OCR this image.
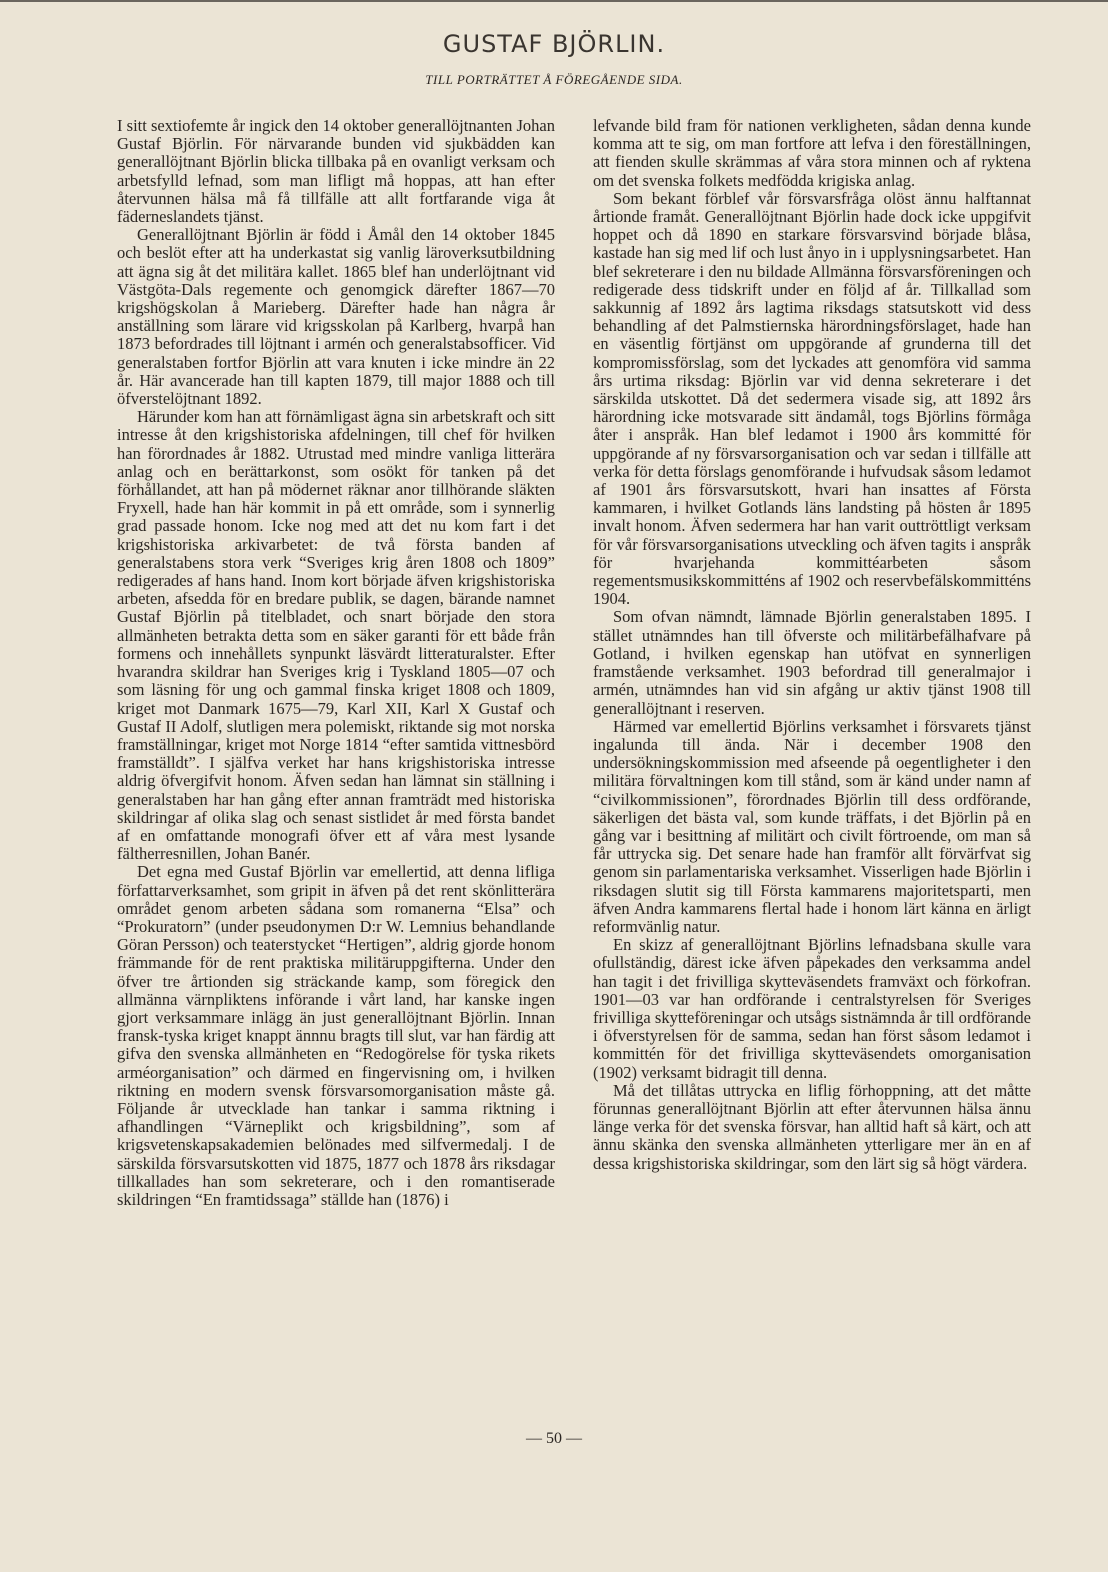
GUSTAF BJÖRLIN.
TILL PORTRÄTTET Å FÖREGÅENDE SIDA.

I sitt sextiofemte år ingick den 14 oktober generallöjtnanten Johan Gustaf Björlin. För närvarande bunden vid sjukbädden kan generallöjtnant Björlin blicka tillbaka på en ovanligt verksam och arbetsfylld lefnad, som man lifligt må hoppas, att han efter återvunnen hälsa må få tillfälle att allt fortfarande viga åt fäderneslandets tjänst.

Generallöjtnant Björlin är född i Åmål den 14 oktober 1845 och beslöt efter att ha underkastat sig vanlig läroverksutbildning att ägna sig åt det militära kallet. 1865 blef han underlöjtnant vid Västgöta-Dals regemente och genomgick därefter 1867—70 krigshögskolan å Marieberg. Därefter hade han några år anställning som lärare vid krigsskolan på Karlberg, hvarpå han 1873 befordrades till löjtnant i armén och generalstabsofficer. Vid generalstaben fortfor Björlin att vara knuten i icke mindre än 22 år. Här avancerade han till kapten 1879, till major 1888 och till öfverstelöjtnant 1892.

Härunder kom han att förnämligast ägna sin arbetskraft och sitt intresse åt den krigshistoriska afdelningen, till chef för hvilken han förordnades år 1882. Utrustad med mindre vanliga litterära anlag och en berättarkonst, som osökt för tanken på det förhållandet, att han på mödernet räknar anor tillhörande släkten Fryxell, hade han här kommit in på ett område, som i synnerlig grad passade honom. Icke nog med att det nu kom fart i det krigshistoriska arkivarbetet: de två första banden af generalstabens stora verk “Sveriges krig åren 1808 och 1809” redigerades af hans hand. Inom kort började äfven krigshistoriska arbeten, afsedda för en bredare publik, se dagen, bärande namnet Gustaf Björlin på titelbladet, och snart började den stora allmänheten betrakta detta som en säker garanti för ett både från formens och innehållets synpunkt läsvärdt litteraturalster. Efter hvarandra skildrar han Sveriges krig i Tyskland 1805—07 och som läsning för ung och gammal finska kriget 1808 och 1809, kriget mot Danmark 1675—79, Karl XII, Karl X Gustaf och Gustaf II Adolf, slutligen mera polemiskt, riktande sig mot norska framställningar, kriget mot Norge 1814 “efter samtida vittnesbörd framställdt”. I själfva verket har hans krigshistoriska intresse aldrig öfvergifvit honom. Äfven sedan han lämnat sin ställning i generalstaben har han gång efter annan framträdt med historiska skildringar af olika slag och senast sistlidet år med första bandet af en omfattande monografi öfver ett af våra mest lysande fältherresnillen, Johan Banér.

Det egna med Gustaf Björlin var emellertid, att denna lifliga författarverksamhet, som gripit in äfven på det rent skönlitterära området genom arbeten sådana som romanerna “Elsa” och “Prokuratorn” (under pseudonymen D:r W. Lemnius behandlande Göran Persson) och teaterstycket “Hertigen”, aldrig gjorde honom främmande för de rent praktiska militäruppgifterna. Under den öfver tre årtionden sig sträckande kamp, som föregick den allmänna värnpliktens införande i vårt land, har kanske ingen gjort verksammare inlägg än just generallöjtnant Björlin. Innan fransk-tyska kriget knappt ännnu bragts till slut, var han färdig att gifva den svenska allmänheten en “Redogörelse för tyska rikets arméorganisation” och därmed en fingervisning om, i hvilken riktning en modern svensk försvarsomorganisation måste gå. Följande år utvecklade han tankar i samma riktning i afhandlingen “Värneplikt och krigsbildning”, som af krigsvetenskapsakademien belönades med silfvermedalj. I de särskilda försvarsutskotten vid 1875, 1877 och 1878 års riksdagar tillkallades han som sekreterare, och i den romantiserade skildringen “En framtidssaga” ställde han (1876) i

lefvande bild fram för nationen verkligheten, sådan denna kunde komma att te sig, om man fortfore att lefva i den föreställningen, att fienden skulle skrämmas af våra stora minnen och af ryktena om det svenska folkets medfödda krigiska anlag.

Som bekant förblef vår försvarsfråga olöst ännu halftannat årtionde framåt. Generallöjtnant Björlin hade dock icke uppgifvit hoppet och då 1890 en starkare försvarsvind började blåsa, kastade han sig med lif och lust ånyo in i upplysningsarbetet. Han blef sekreterare i den nu bildade Allmänna försvarsföreningen och redigerade dess tidskrift under en följd af år. Tillkallad som sakkunnig af 1892 års lagtima riksdags statsutskott vid dess behandling af det Palmstiernska härordningsförslaget, hade han en väsentlig förtjänst om uppgörande af grunderna till det kompromissförslag, som det lyckades att genomföra vid samma års urtima riksdag: Björlin var vid denna sekreterare i det särskilda utskottet. Då det sedermera visade sig, att 1892 års härordning icke motsvarade sitt ändamål, togs Björlins förmåga åter i anspråk. Han blef ledamot i 1900 års kommitté för uppgörande af ny försvarsorganisation och var sedan i tillfälle att verka för detta förslags genomförande i hufvudsak såsom ledamot af 1901 års försvarsutskott, hvari han insattes af Första kammaren, i hvilket Gotlands läns landsting på hösten år 1895 invalt honom. Äfven sedermera har han varit outtröttligt verksam för vår försvarsorganisations utveckling och äfven tagits i anspråk för hvarjehanda kommittéarbeten såsom regementsmusikskommitténs af 1902 och reservbefälskommitténs 1904.

Som ofvan nämndt, lämnade Björlin generalstaben 1895. I stället utnämndes han till öfverste och militärbefälhafvare på Gotland, i hvilken egenskap han utöfvat en synnerligen framstående verksamhet. 1903 befordrad till generalmajor i armén, utnämndes han vid sin afgång ur aktiv tjänst 1908 till generallöjtnant i reserven.

Härmed var emellertid Björlins verksamhet i försvarets tjänst ingalunda till ända. När i december 1908 den undersökningskommission med afseende på oegentligheter i den militära förvaltningen kom till stånd, som är känd under namn af “civilkommissionen”, förordnades Björlin till dess ordförande, säkerligen det bästa val, som kunde träffats, i det Björlin på en gång var i besittning af militärt och civilt förtroende, om man så får uttrycka sig. Det senare hade han framför allt förvärfvat sig genom sin parlamentariska verksamhet. Visserligen hade Björlin i riksdagen slutit sig till Första kammarens majoritetsparti, men äfven Andra kammarens flertal hade i honom lärt känna en ärligt reformvänlig natur.

En skizz af generallöjtnant Björlins lefnadsbana skulle vara ofullständig, därest icke äfven påpekades den verksamma andel han tagit i det frivilliga skytteväsendets framväxt och förkofran. 1901—03 var han ordförande i centralstyrelsen för Sveriges frivilliga skytteföreningar och utsågs sistnämnda år till ordförande i öfverstyrelsen för de samma, sedan han först såsom ledamot i kommittén för det frivilliga skytteväsendets omorganisation (1902) verksamt bidragit till denna.

Må det tillåtas uttrycka en liflig förhoppning, att det måtte förunnas generallöjtnant Björlin att efter återvunnen hälsa ännu länge verka för det svenska försvar, han alltid haft så kärt, och att ännu skänka den svenska allmänheten ytterligare mer än en af dessa krigshistoriska skildringar, som den lärt sig så högt värdera.

— 50 —
